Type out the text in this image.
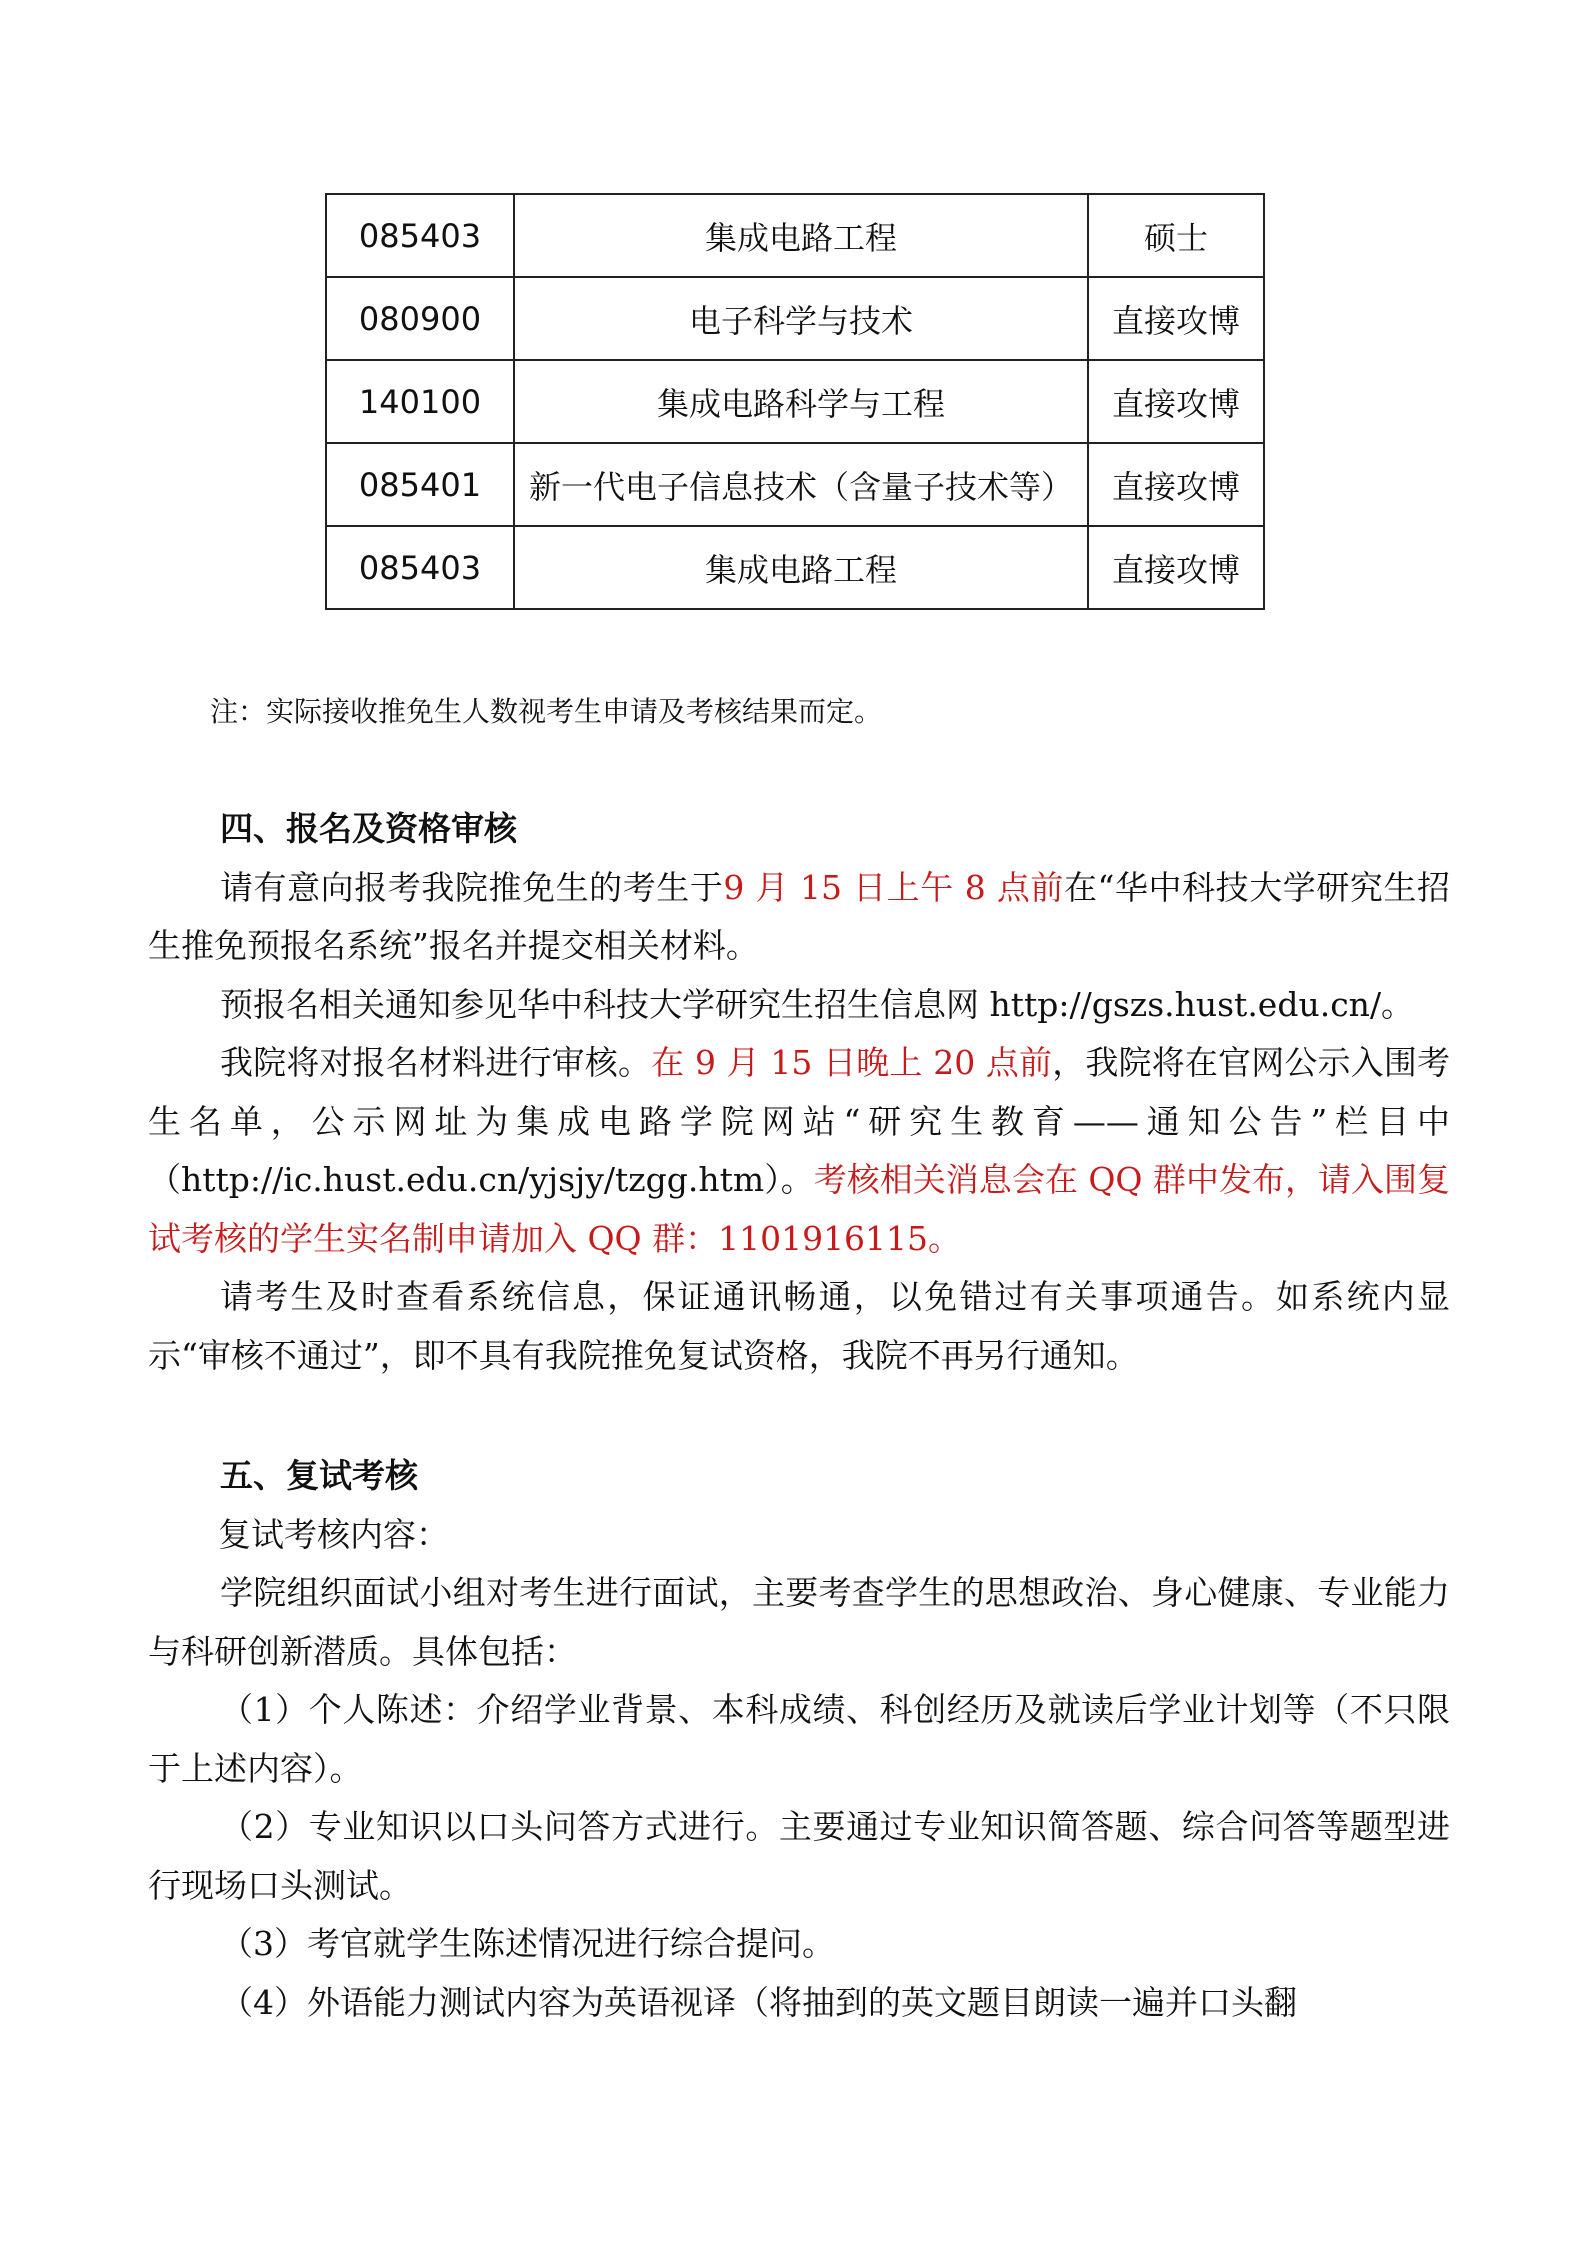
085403	集成电路工程	硕士
080900	电子科学与技术	直接攻博
140100	集成电路科学与工程	直接攻博
085401	新一代电子信息技术（含量子技术等）	直接攻博
085403	集成电路工程	直接攻博
注：实际接收推免生人数视考生申请及考核结果而定。
四、报名及资格审核
请有意向报考我院推免生的考生于9 月 15 日上午 8 点前在“华中科技大学研究生招生推免预报名系统”报名并提交相关材料。
预报名相关通知参见华中科技大学研究生招生信息网 http://gszs.hust.edu.cn/。
我院将对报名材料进行审核。在 9 月 15 日晚上 20 点前，我院将在官网公示入围考生名单，公示网址为集成电路学院网站“研究生教育——通知公告”栏目中（http://ic.hust.edu.cn/yjsjy/tzgg.htm）。考核相关消息会在 QQ 群中发布，请入围复试考核的学生实名制申请加入 QQ 群：1101916115。
请考生及时查看系统信息，保证通讯畅通，以免错过有关事项通告。如系统内显示“审核不通过”，即不具有我院推免复试资格，我院不再另行通知。
五、复试考核
复试考核内容：
学院组织面试小组对考生进行面试，主要考查学生的思想政治、身心健康、专业能力与科研创新潜质。具体包括：
（1）个人陈述：介绍学业背景、本科成绩、科创经历及就读后学业计划等（不只限于上述内容）。
（2）专业知识以口头问答方式进行。主要通过专业知识简答题、综合问答等题型进行现场口头测试。
（3）考官就学生陈述情况进行综合提问。
（4）外语能力测试内容为英语视译（将抽到的英文题目朗读一遍并口头翻
